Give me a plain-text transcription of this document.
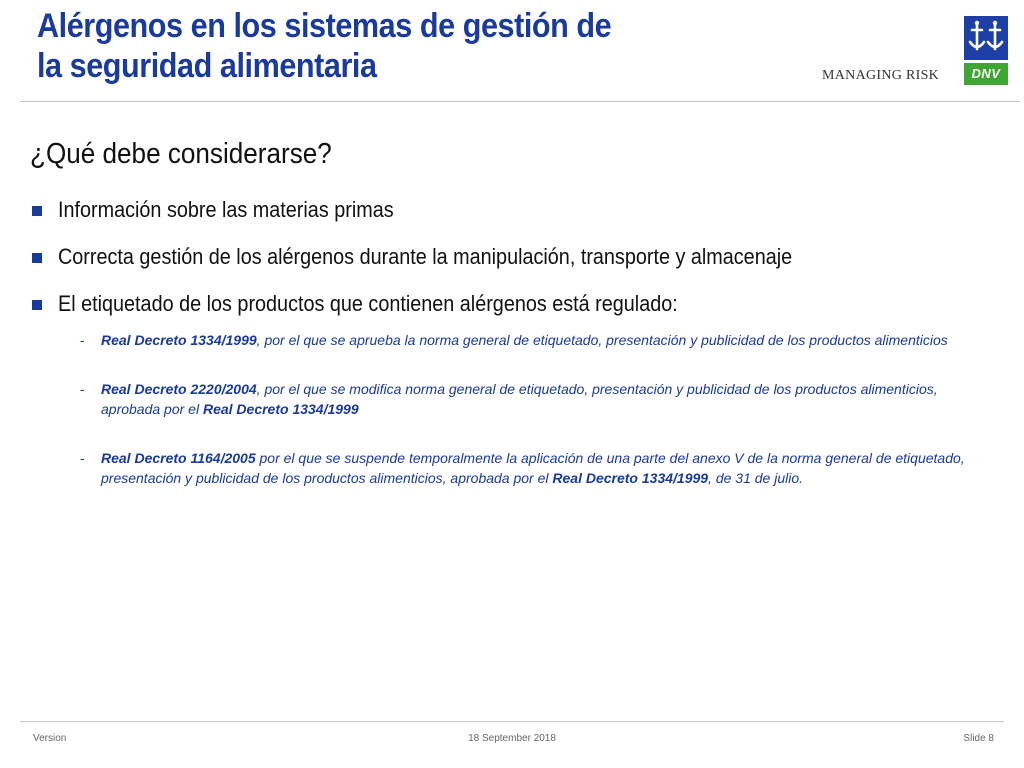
Alérgenos en los sistemas de gestión de
la seguridad alimentaria	MANAGING RISK	DNV
¿Qué debe considerarse?
Información sobre las materias primas
Correcta gestión de los alérgenos durante la manipulación, transporte y almacenaje
El etiquetado de los productos que contienen alérgenos está regulado:
-	Real Decreto 1334/1999, por el que se aprueba la norma general de etiquetado, presentación y publicidad de los productos alimenticios
-	Real Decreto 2220/2004, por el que se modifica norma general de etiquetado, presentación y publicidad de los productos alimenticios, aprobada por el Real Decreto 1334/1999
-	Real Decreto 1164/2005 por el que se suspende temporalmente la aplicación de una parte del anexo V de la norma general de etiquetado, presentación y publicidad de los productos alimenticios, aprobada por el Real Decreto 1334/1999, de 31 de julio.
Version	18 September 2018	Slide 8
